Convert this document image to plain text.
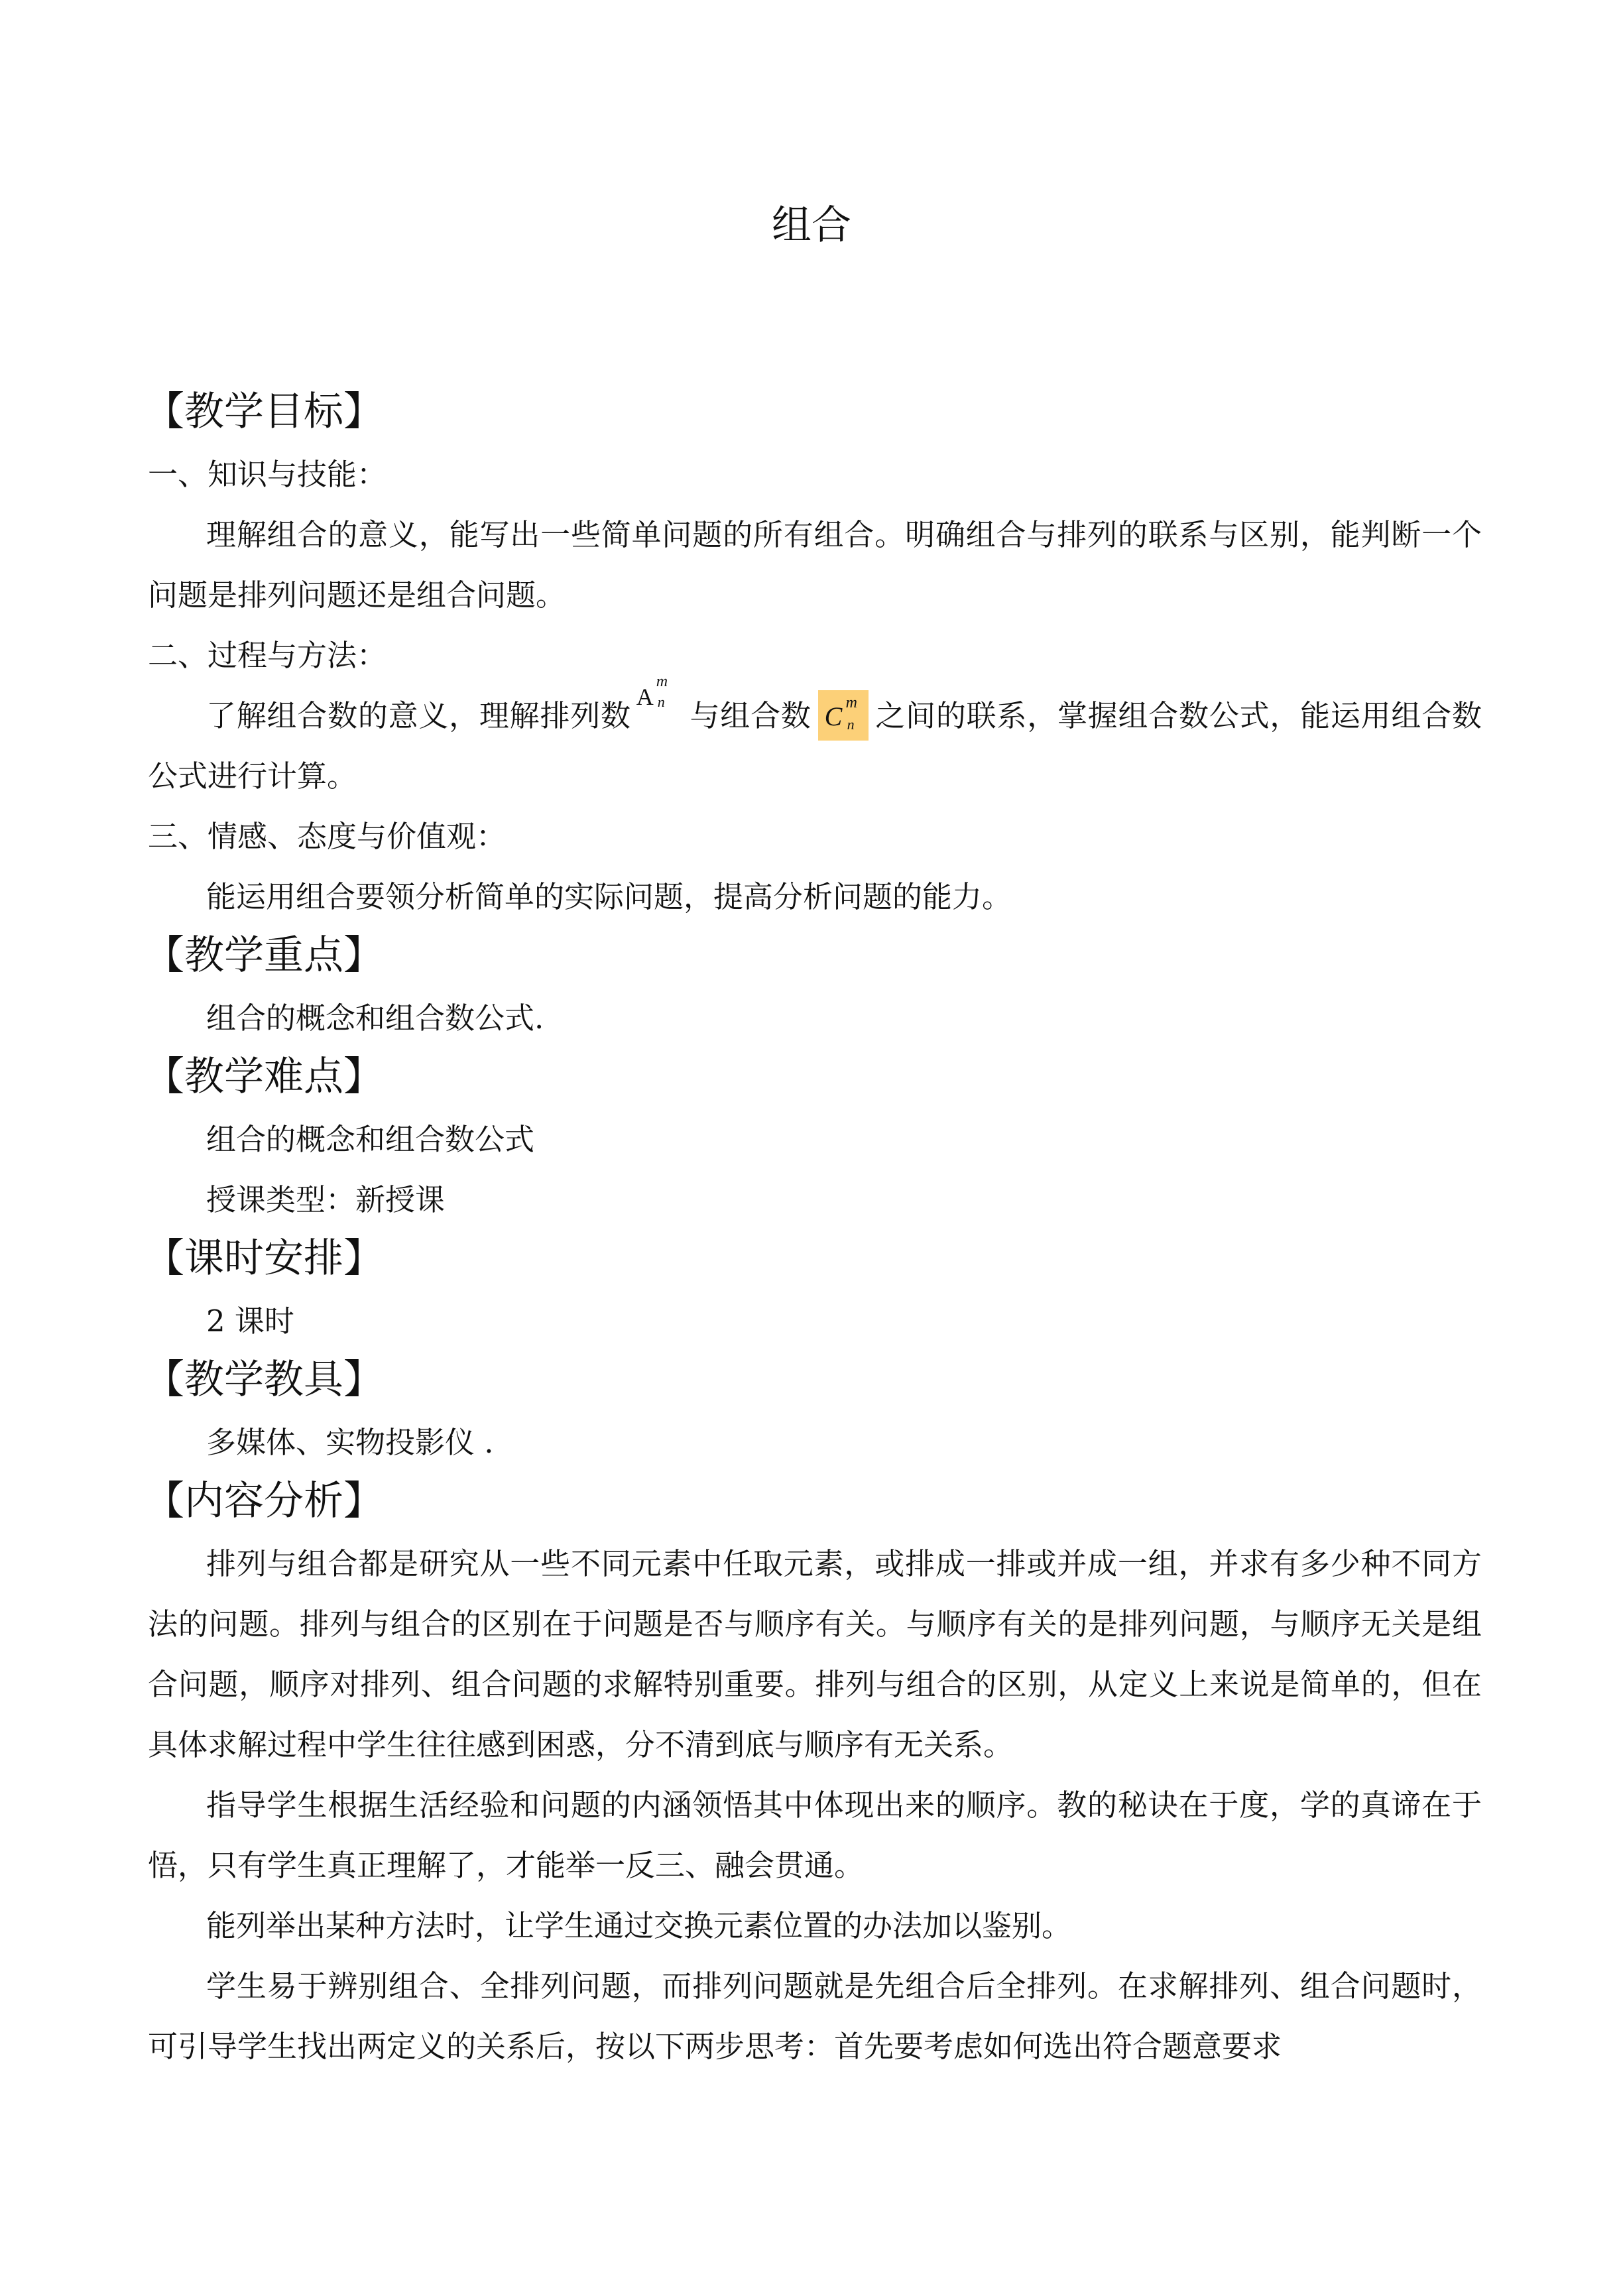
组合
【教学目标】
一、知识与技能：
理解组合的意义，能写出一些简单问题的所有组合。明确组合与排列的联系与区别，能判断一个问题是排列问题还是组合问题。
二、过程与方法：
了解组合数的意义，理解排列数
A
m
n 与组合数 C m
n 之间的联系，掌握组合数公式，能运用组合数公式进行计算。
三、情感、态度与价值观：
能运用组合要领分析简单的实际问题，提高分析问题的能力。
【教学重点】
组合的概念和组合数公式.
【教学难点】
组合的概念和组合数公式
授课类型：新授课
【课时安排】
2 课时
【教学教具】
多媒体、实物投影仪 .
【内容分析】
排列与组合都是研究从一些不同元素中任取元素，或排成一排或并成一组，并求有多少种不同方法的问题。排列与组合的区别在于问题是否与顺序有关。与顺序有关的是排列问题，与顺序无关是组合问题，顺序对排列、组合问题的求解特别重要。排列与组合的区别，从定义上来说是简单的，但在具体求解过程中学生往往感到困惑，分不清到底与顺序有无关系。
指导学生根据生活经验和问题的内涵领悟其中体现出来的顺序。教的秘诀在于度，学的真谛在于悟，只有学生真正理解了，才能举一反三、融会贯通。
能列举出某种方法时，让学生通过交换元素位置的办法加以鉴别。
学生易于辨别组合、全排列问题，而排列问题就是先组合后全排列。在求解排列、组合问题时，可引导学生找出两定义的关系后，按以下两步思考：首先要考虑如何选出符合题意要求
